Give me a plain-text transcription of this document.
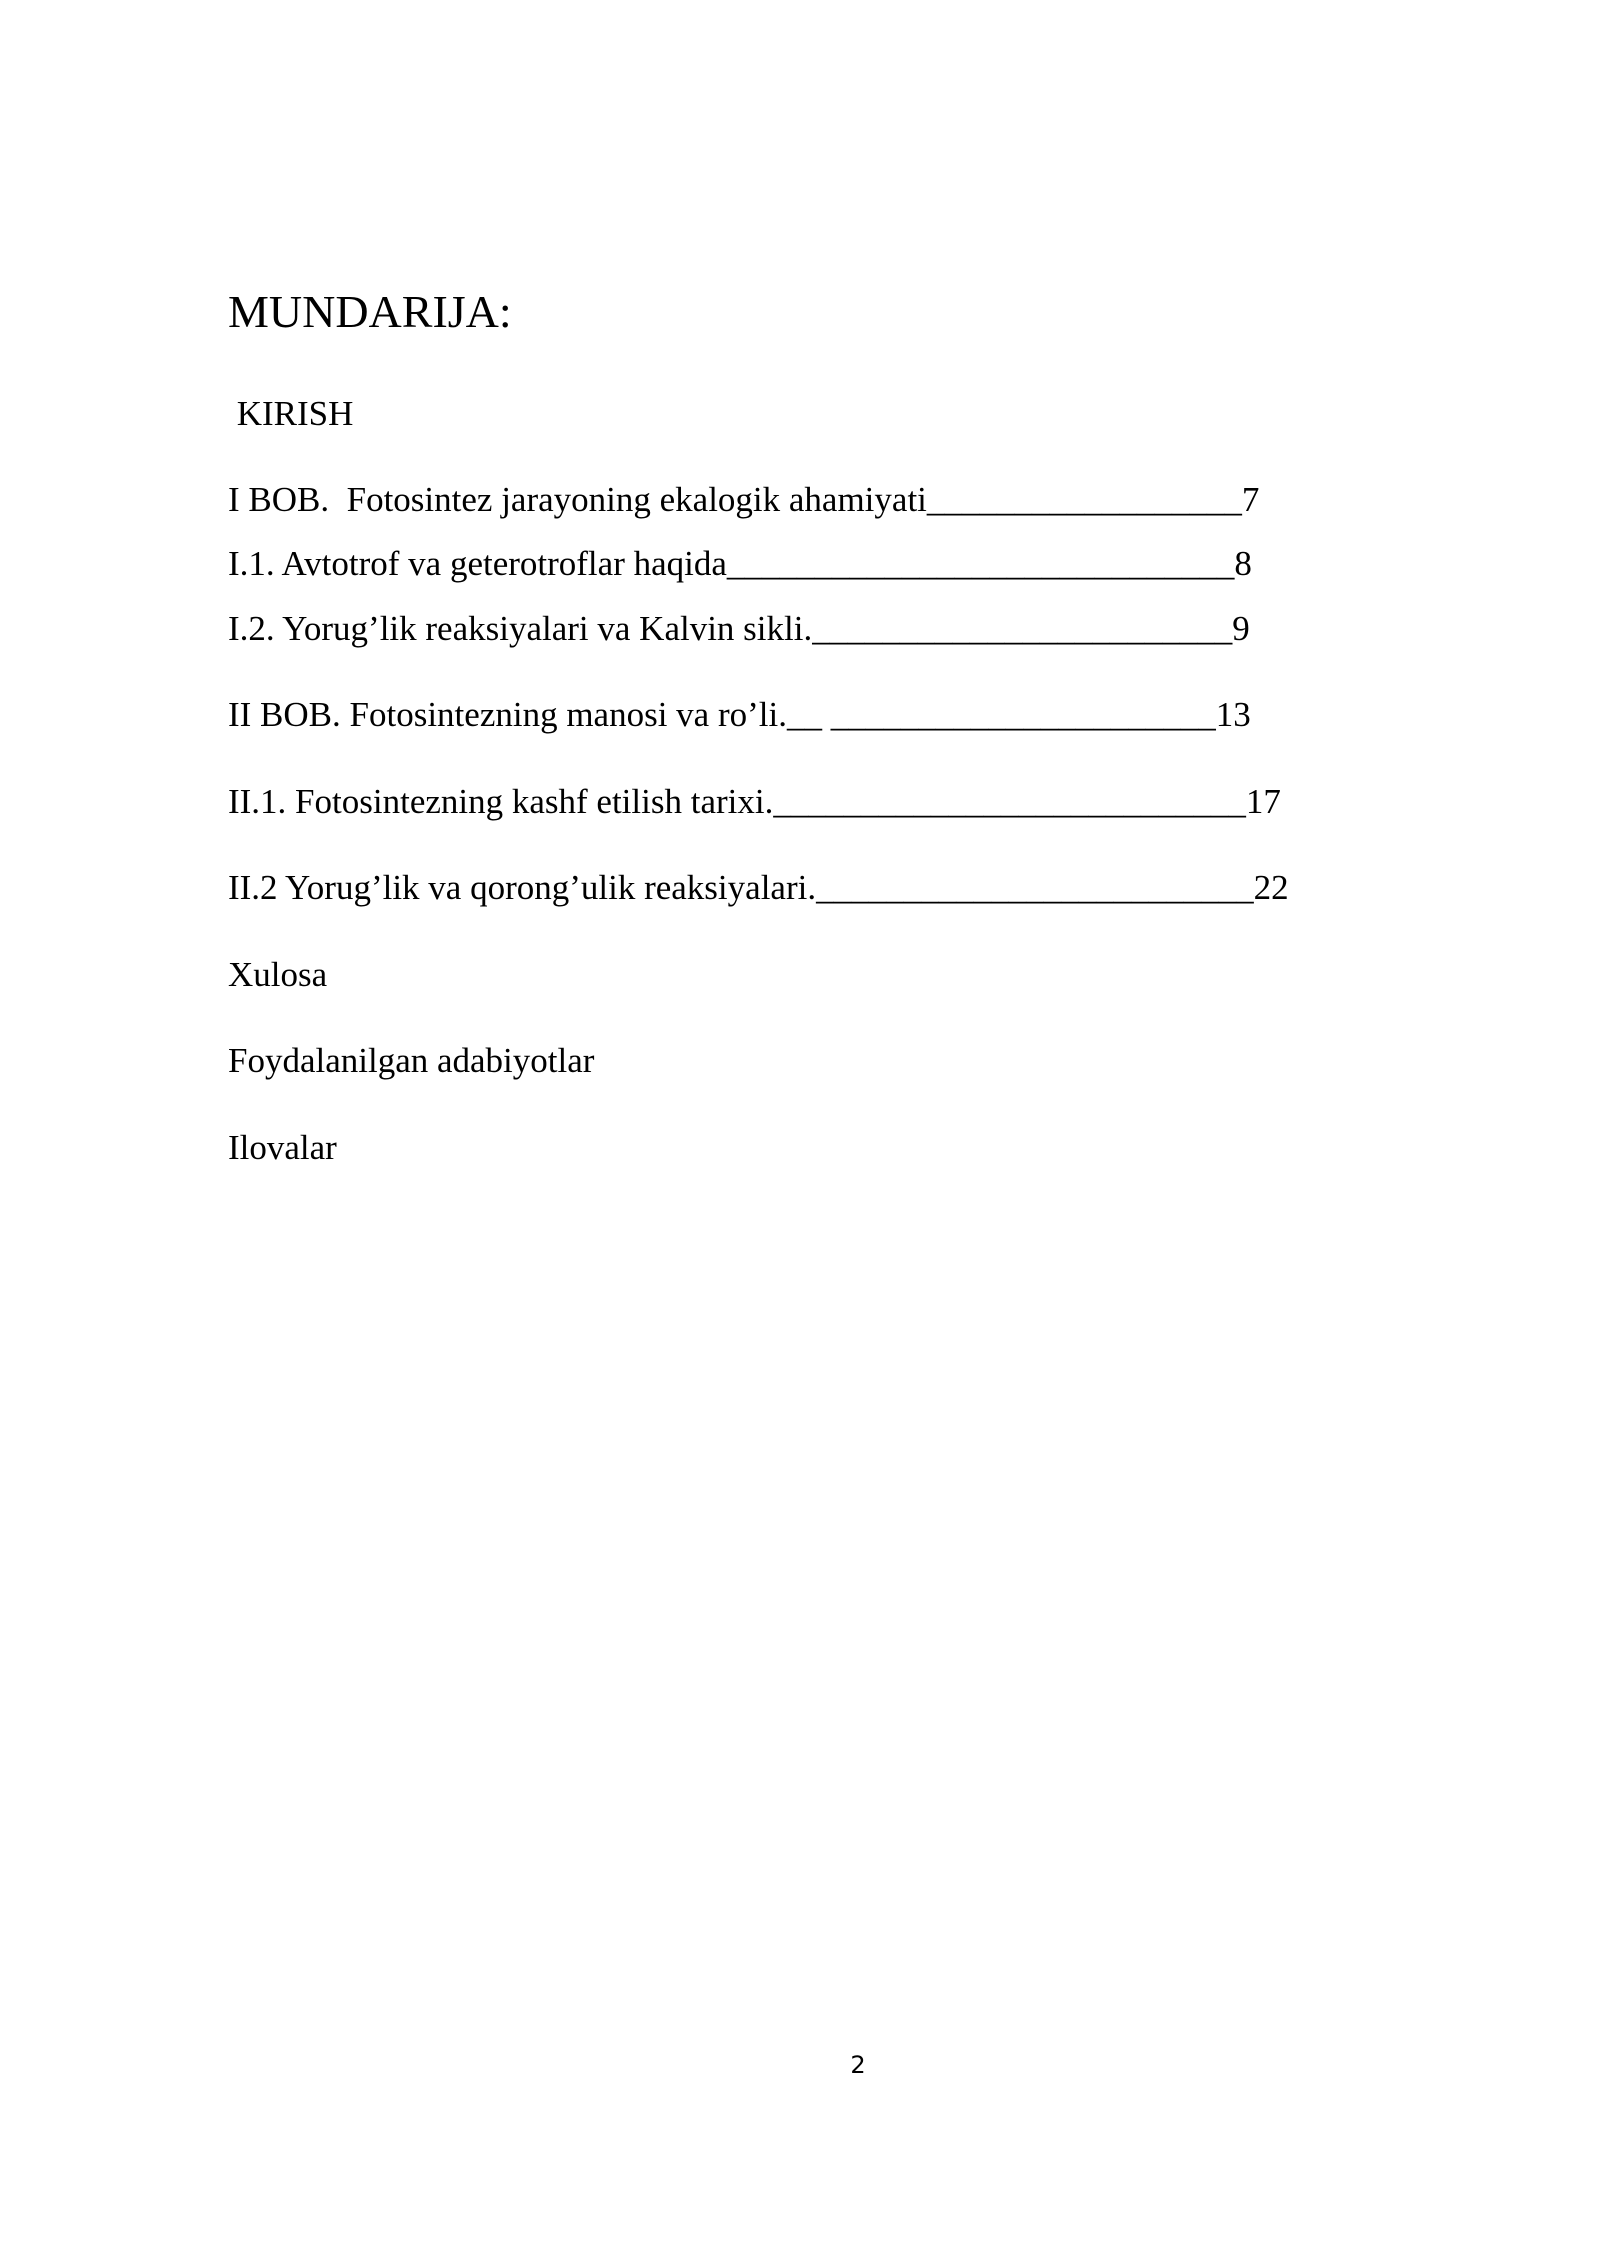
MUNDARIJA:
KIRISH
I BOB.  Fotosintez jarayoning ekalogik ahamiyati__________________7
I.1. Avtotrof va geterotroflar haqida_____________________________8
I.2. Yorug’lik reaksiyalari va Kalvin sikli.________________________9
II BOB. Fotosintezning manosi va ro’li.__ ______________________13
II.1. Fotosintezning kashf etilish tarixi.___________________________17
II.2 Yorug’lik va qorong’ulik reaksiyalari._________________________22
Xulosa
Foydalanilgan adabiyotlar
Ilovalar
2
